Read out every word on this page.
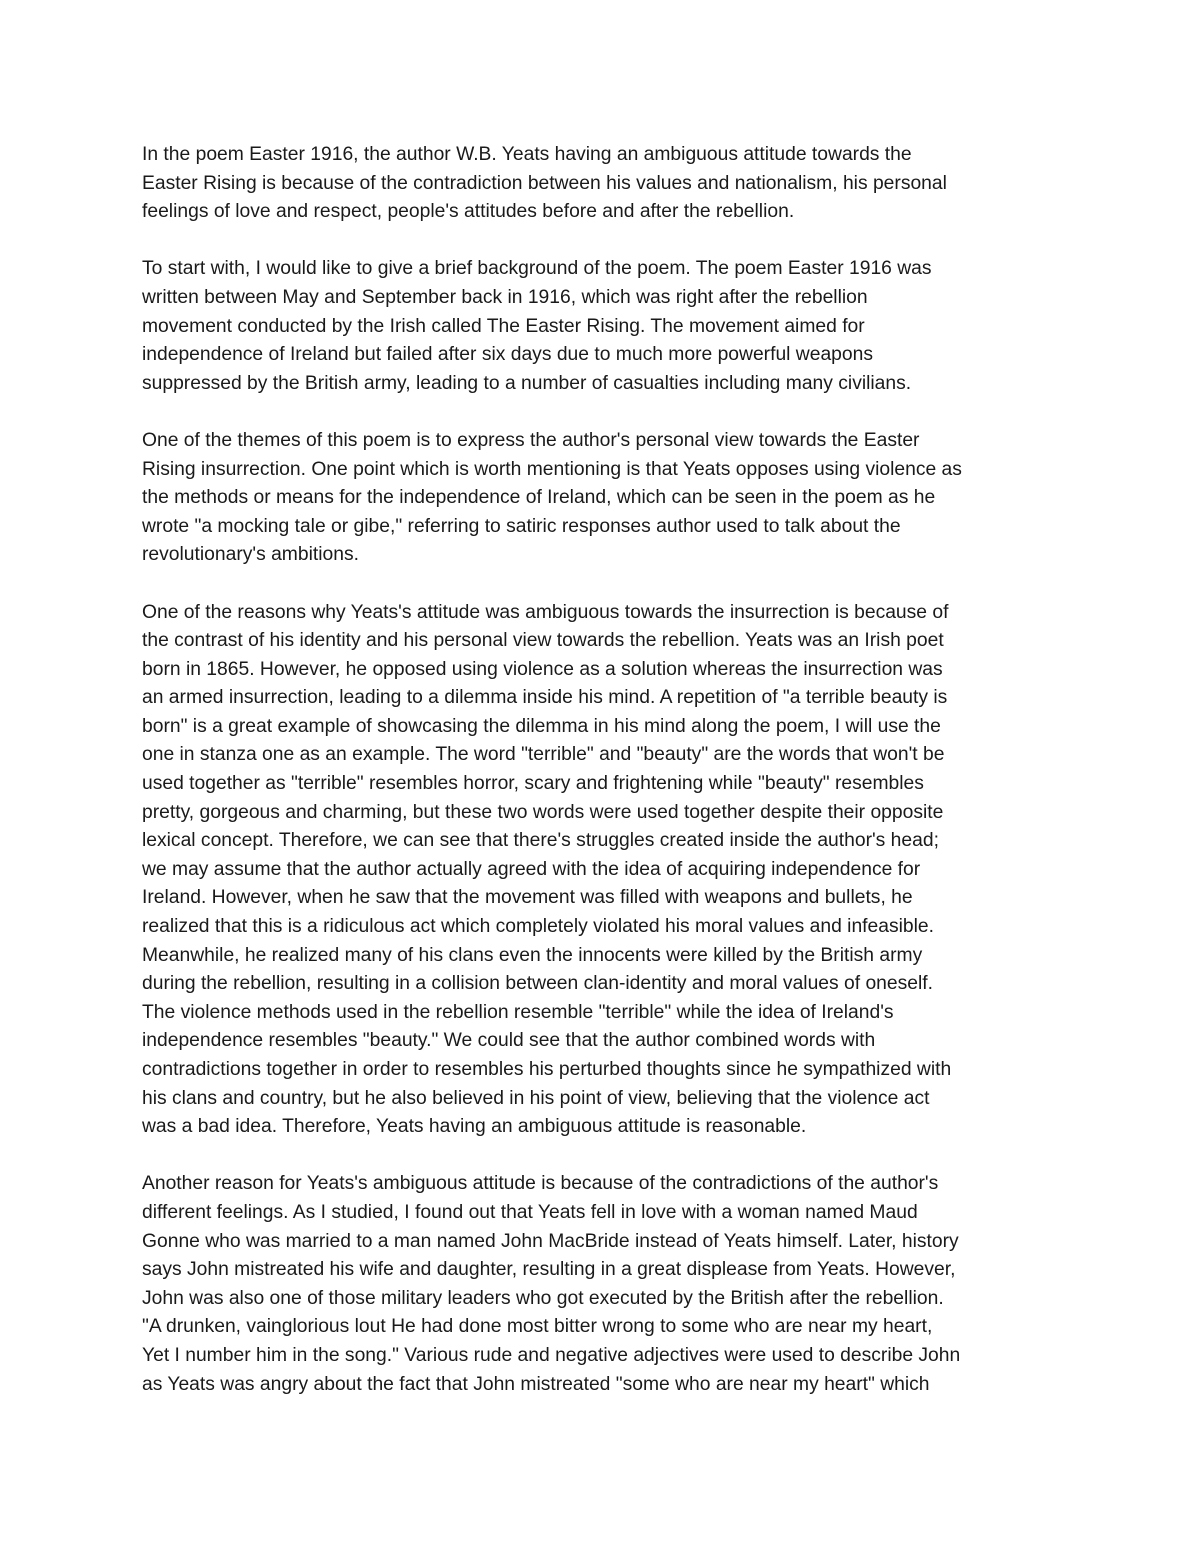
In the poem Easter 1916, the author W.B. Yeats having an ambiguous attitude towards the
Easter Rising is because of the contradiction between his values and nationalism, his personal
feelings of love and respect, people's attitudes before and after the rebellion.

To start with, I would like to give a brief background of the poem. The poem Easter 1916 was
written between May and September back in 1916, which was right after the rebellion
movement conducted by the Irish called The Easter Rising. The movement aimed for
independence of Ireland but failed after six days due to much more powerful weapons
suppressed by the British army, leading to a number of casualties including many civilians.

One of the themes of this poem is to express the author's personal view towards the Easter
Rising insurrection. One point which is worth mentioning is that Yeats opposes using violence as
the methods or means for the independence of Ireland, which can be seen in the poem as he
wrote "a mocking tale or gibe," referring to satiric responses author used to talk about the
revolutionary's ambitions.

One of the reasons why Yeats's attitude was ambiguous towards the insurrection is because of
the contrast of his identity and his personal view towards the rebellion. Yeats was an Irish poet
born in 1865. However, he opposed using violence as a solution whereas the insurrection was
an armed insurrection, leading to a dilemma inside his mind. A repetition of "a terrible beauty is
born" is a great example of showcasing the dilemma in his mind along the poem, I will use the
one in stanza one as an example. The word "terrible" and "beauty" are the words that won't be
used together as "terrible" resembles horror, scary and frightening while "beauty" resembles
pretty, gorgeous and charming, but these two words were used together despite their opposite
lexical concept. Therefore, we can see that there's struggles created inside the author's head;
we may assume that the author actually agreed with the idea of acquiring independence for
Ireland. However, when he saw that the movement was filled with weapons and bullets, he
realized that this is a ridiculous act which completely violated his moral values and infeasible.
Meanwhile, he realized many of his clans even the innocents were killed by the British army
during the rebellion, resulting in a collision between clan-identity and moral values of oneself.
The violence methods used in the rebellion resemble "terrible" while the idea of Ireland's
independence resembles "beauty." We could see that the author combined words with
contradictions together in order to resembles his perturbed thoughts since he sympathized with
his clans and country, but he also believed in his point of view, believing that the violence act
was a bad idea. Therefore, Yeats having an ambiguous attitude is reasonable.

Another reason for Yeats's ambiguous attitude is because of the contradictions of the author's
different feelings. As I studied, I found out that Yeats fell in love with a woman named Maud
Gonne who was married to a man named John MacBride instead of Yeats himself. Later, history
says John mistreated his wife and daughter, resulting in a great displease from Yeats. However,
John was also one of those military leaders who got executed by the British after the rebellion.
"A drunken, vainglorious lout He had done most bitter wrong to some who are near my heart,
Yet I number him in the song." Various rude and negative adjectives were used to describe John
as Yeats was angry about the fact that John mistreated "some who are near my heart" which
